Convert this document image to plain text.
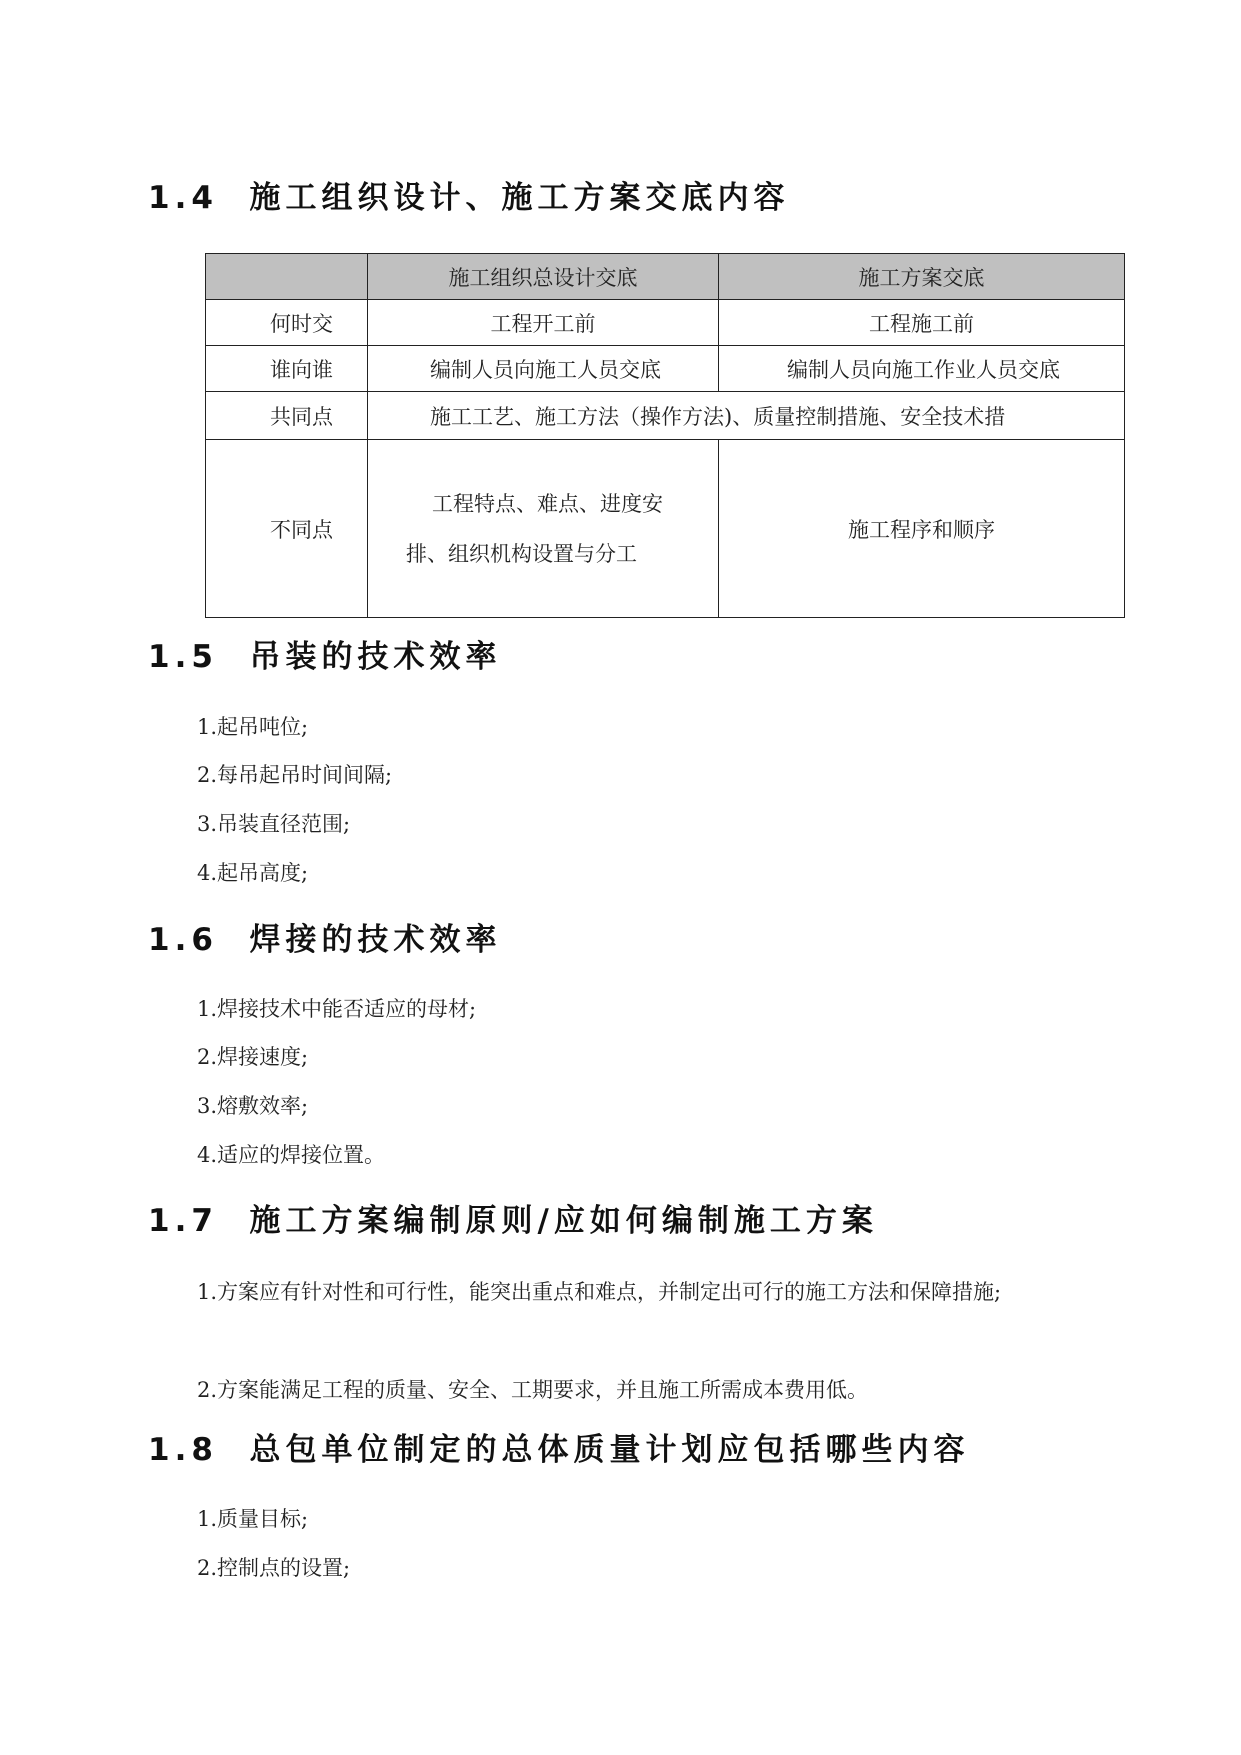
1.4 施工组织设计、施工方案交底内容
	施工组织总设计交底	施工方案交底
何时交	工程开工前	工程施工前
谁向谁	编制人员向施工人员交底	编制人员向施工作业人员交底
共同点	施工工艺、施工方法（操作方法)、质量控制措施、安全技术措	
不同点	工程特点、难点、进度安排、组织机构设置与分工	施工程序和顺序
1.5 吊装的技术效率

1.起吊吨位;

2.每吊起吊时间间隔;

3.吊装直径范围;

4.起吊高度;

1.6 焊接的技术效率

1.焊接技术中能否适应的母材;

2.焊接速度;

3.熔敷效率;

4.适应的焊接位置。

1.7 施工方案编制原则/应如何编制施工方案

1.方案应有针对性和可行性，能突出重点和难点，并制定出可行的施工方法和保障措施;

2.方案能满足工程的质量、安全、工期要求，并且施工所需成本费用低。

1.8 总包单位制定的总体质量计划应包括哪些内容

1.质量目标;

2.控制点的设置;
